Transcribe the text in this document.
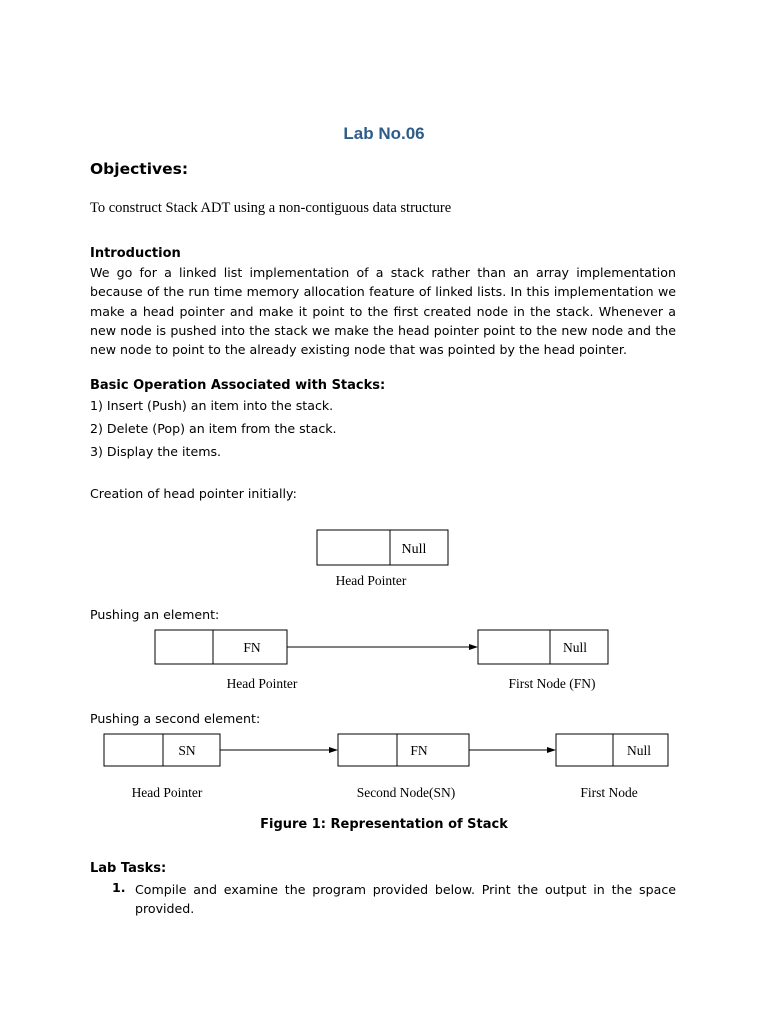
Lab No.06
Objectives:
To construct Stack ADT using a non-contiguous data structure
Introduction
We go for a linked list implementation of a stack rather than an array implementation because of the run time memory allocation feature of linked lists. In this implementation we make a head pointer and make it point to the first created node in the stack. Whenever a new node is pushed into the stack we make the head pointer point to the new node and the new node to point to the already existing node that was pointed by the head pointer.
Basic Operation Associated with Stacks:
1) Insert (Push) an item into the stack.
2) Delete (Pop) an item from the stack.
3) Display the items.
Creation of head pointer initially:
Null
Head Pointer
FN	Null
Head Pointer	First Node (FN)
SN	FN	Null
Head Pointer	Second Node(SN)	First Node
Pushing an element:
Pushing a second element:
Figure 1: Representation of Stack
Lab Tasks:
1. Compile and examine the program provided below. Print the output in the space provided.
